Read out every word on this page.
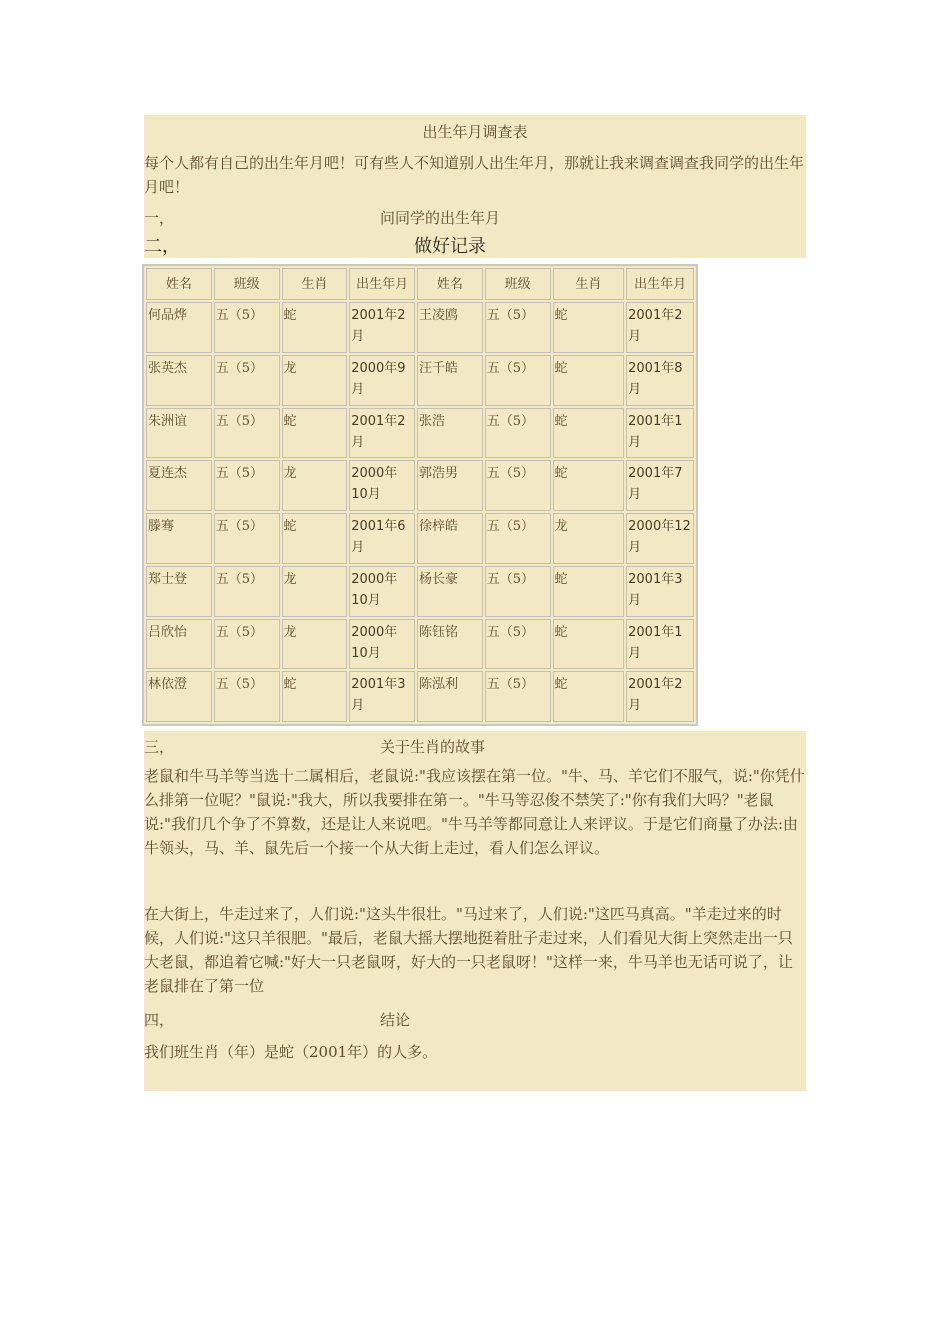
出生年月调查表
每个人都有自己的出生年月吧！可有些人不知道别人出生年月，那就让我来调查调查我同学的出生年月吧！
一，	问同学的出生年月
二，	做好记录
姓名	班级	生肖	出生年月	姓名	班级	生肖	出生年月
何品烨	五（5）	蛇	2001年2月	王凌鸥	五（5）	蛇	2001年2月
张英杰	五（5）	龙	2000年9月	汪千皓	五（5）	蛇	2001年8月
朱洲谊	五（5）	蛇	2001年2月	张浩	五（5）	蛇	2001年1月
夏连杰	五（5）	龙	2000年10月	郭浩男	五（5）	蛇	2001年7月
滕骞	五（5）	蛇	2001年6月	徐梓皓	五（5）	龙	2000年12月
郑士登	五（5）	龙	2000年10月	杨长豪	五（5）	蛇	2001年3月
吕欣怡	五（5）	龙	2000年10月	陈钰铭	五（5）	蛇	2001年1月
林依澄	五（5）	蛇	2001年3月	陈泓利	五（5）	蛇	2001年2月
三，	关于生肖的故事
老鼠和牛马羊等当选十二属相后，老鼠说:"我应该摆在第一位。"牛、马、羊它们不服气，说:"你凭什么排第一位呢？"鼠说:"我大，所以我要排在第一。"牛马等忍俊不禁笑了:"你有我们大吗？"老鼠说:"我们几个争了不算数，还是让人来说吧。"牛马羊等都同意让人来评议。于是它们商量了办法:由牛领头，马、羊、鼠先后一个接一个从大街上走过，看人们怎么评议。
在大街上，牛走过来了，人们说:"这头牛很壮。"马过来了，人们说:"这匹马真高。"羊走过来的时候，人们说:"这只羊很肥。"最后，老鼠大摇大摆地挺着肚子走过来，人们看见大街上突然走出一只大老鼠，都追着它喊:"好大一只老鼠呀，好大的一只老鼠呀！"这样一来，牛马羊也无话可说了，让老鼠排在了第一位
四，	结论
我们班生肖（年）是蛇（2001年）的人多。
